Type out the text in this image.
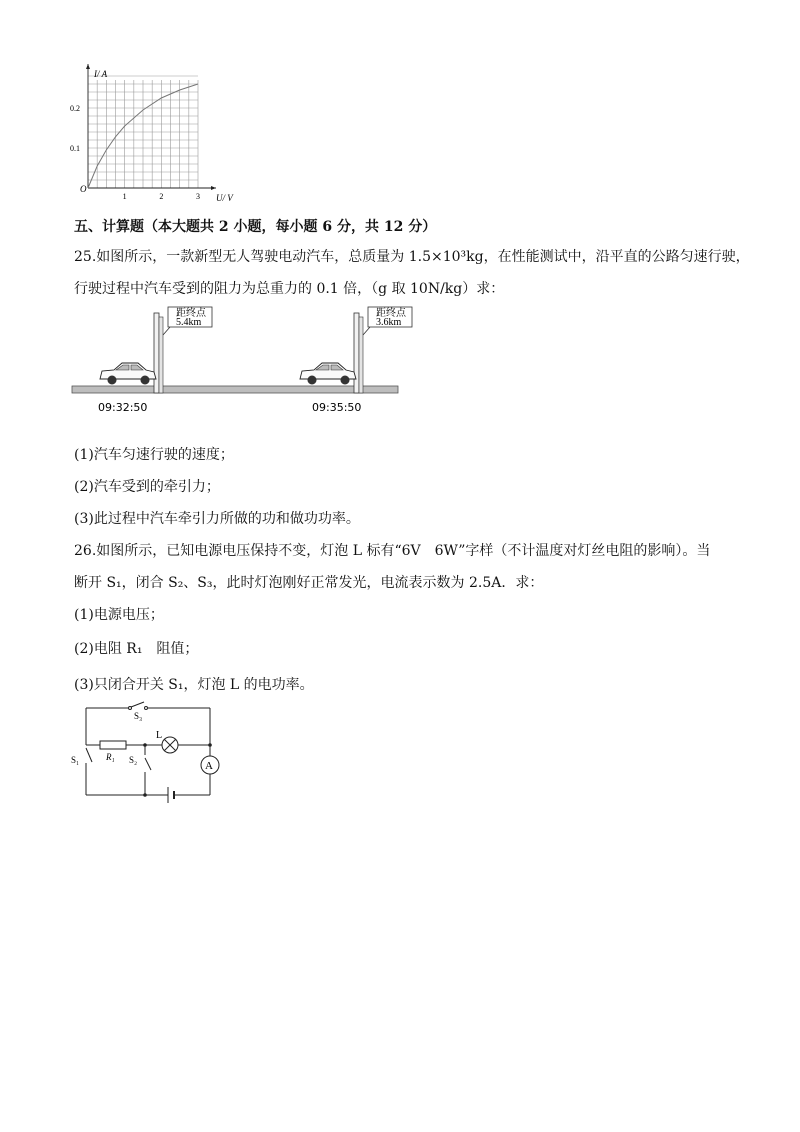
1	2	3
0.1
0.2
I/ A
U/ V
O
五、计算题（本大题共 2 小题，每小题 6 分，共 12 分）
25.如图所示，一款新型无人驾驶电动汽车，总质量为 1.5×10³kg，在性能测试中，沿平直的公路匀速行驶，
行驶过程中汽车受到的阻力为总重力的 0.1 倍，（g 取 10N/kg）求：
距终点
5.4km
距终点
3.6km
09:32:50	09:35:50
(1)汽车匀速行驶的速度；
(2)汽车受到的牵引力；
(3)此过程中汽车牵引力所做的功和做功功率。
26.如图所示，已知电源电压保持不变，灯泡 L 标有“6V　6W”字样（不计温度对灯丝电阻的影响）。当
断开 S₁，闭合 S₂、S₃，此时灯泡刚好正常发光，电流表示数为 2.5A．求：
(1)电源电压；
(2)电阻 R₁　阻值；
(3)只闭合开关 S₁，灯泡 L 的电功率。
A
S₃
L
R₁
S₁	S₂
